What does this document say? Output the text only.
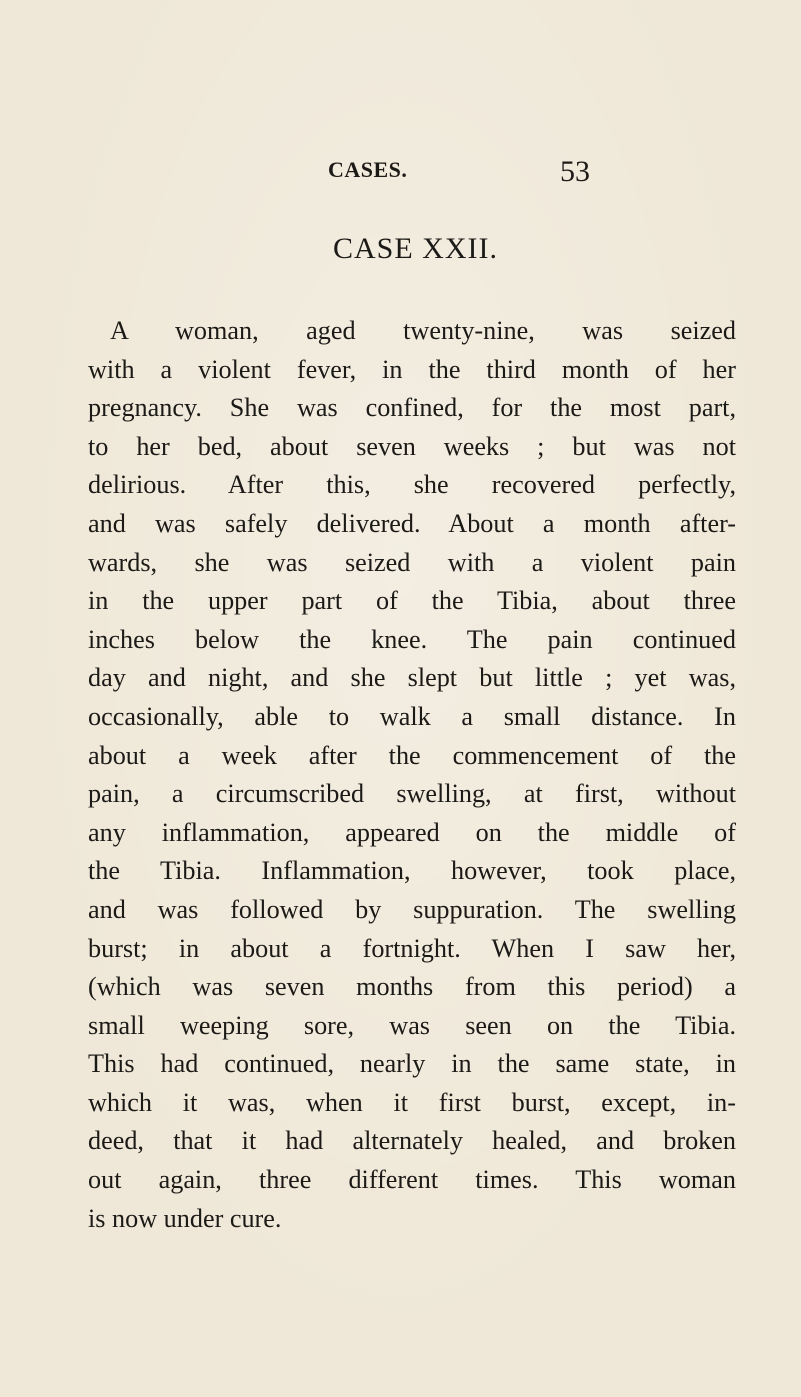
CASES.	53
CASE XXII.
A woman, aged twenty-nine, was seized
with a violent fever, in the third month of her
pregnancy. She was confined, for the most part,
to her bed, about seven weeks ; but was not
delirious. After this, she recovered perfectly,
and was safely delivered. About a month after-
wards, she was seized with a violent pain
in the upper part of the Tibia, about three
inches below the knee. The pain continued
day and night, and she slept but little ; yet was,
occasionally, able to walk a small distance. In
about a week after the commencement of the
pain, a circumscribed swelling, at first, without
any inflammation, appeared on the middle of
the Tibia. Inflammation, however, took place,
and was followed by suppuration. The swelling
burst; in about a fortnight. When I saw her,
(which was seven months from this period) a
small weeping sore, was seen on the Tibia.
This had continued, nearly in the same state, in
which it was, when it first burst, except, in-
deed, that it had alternately healed, and broken
out again, three different times. This woman
is now under cure.
